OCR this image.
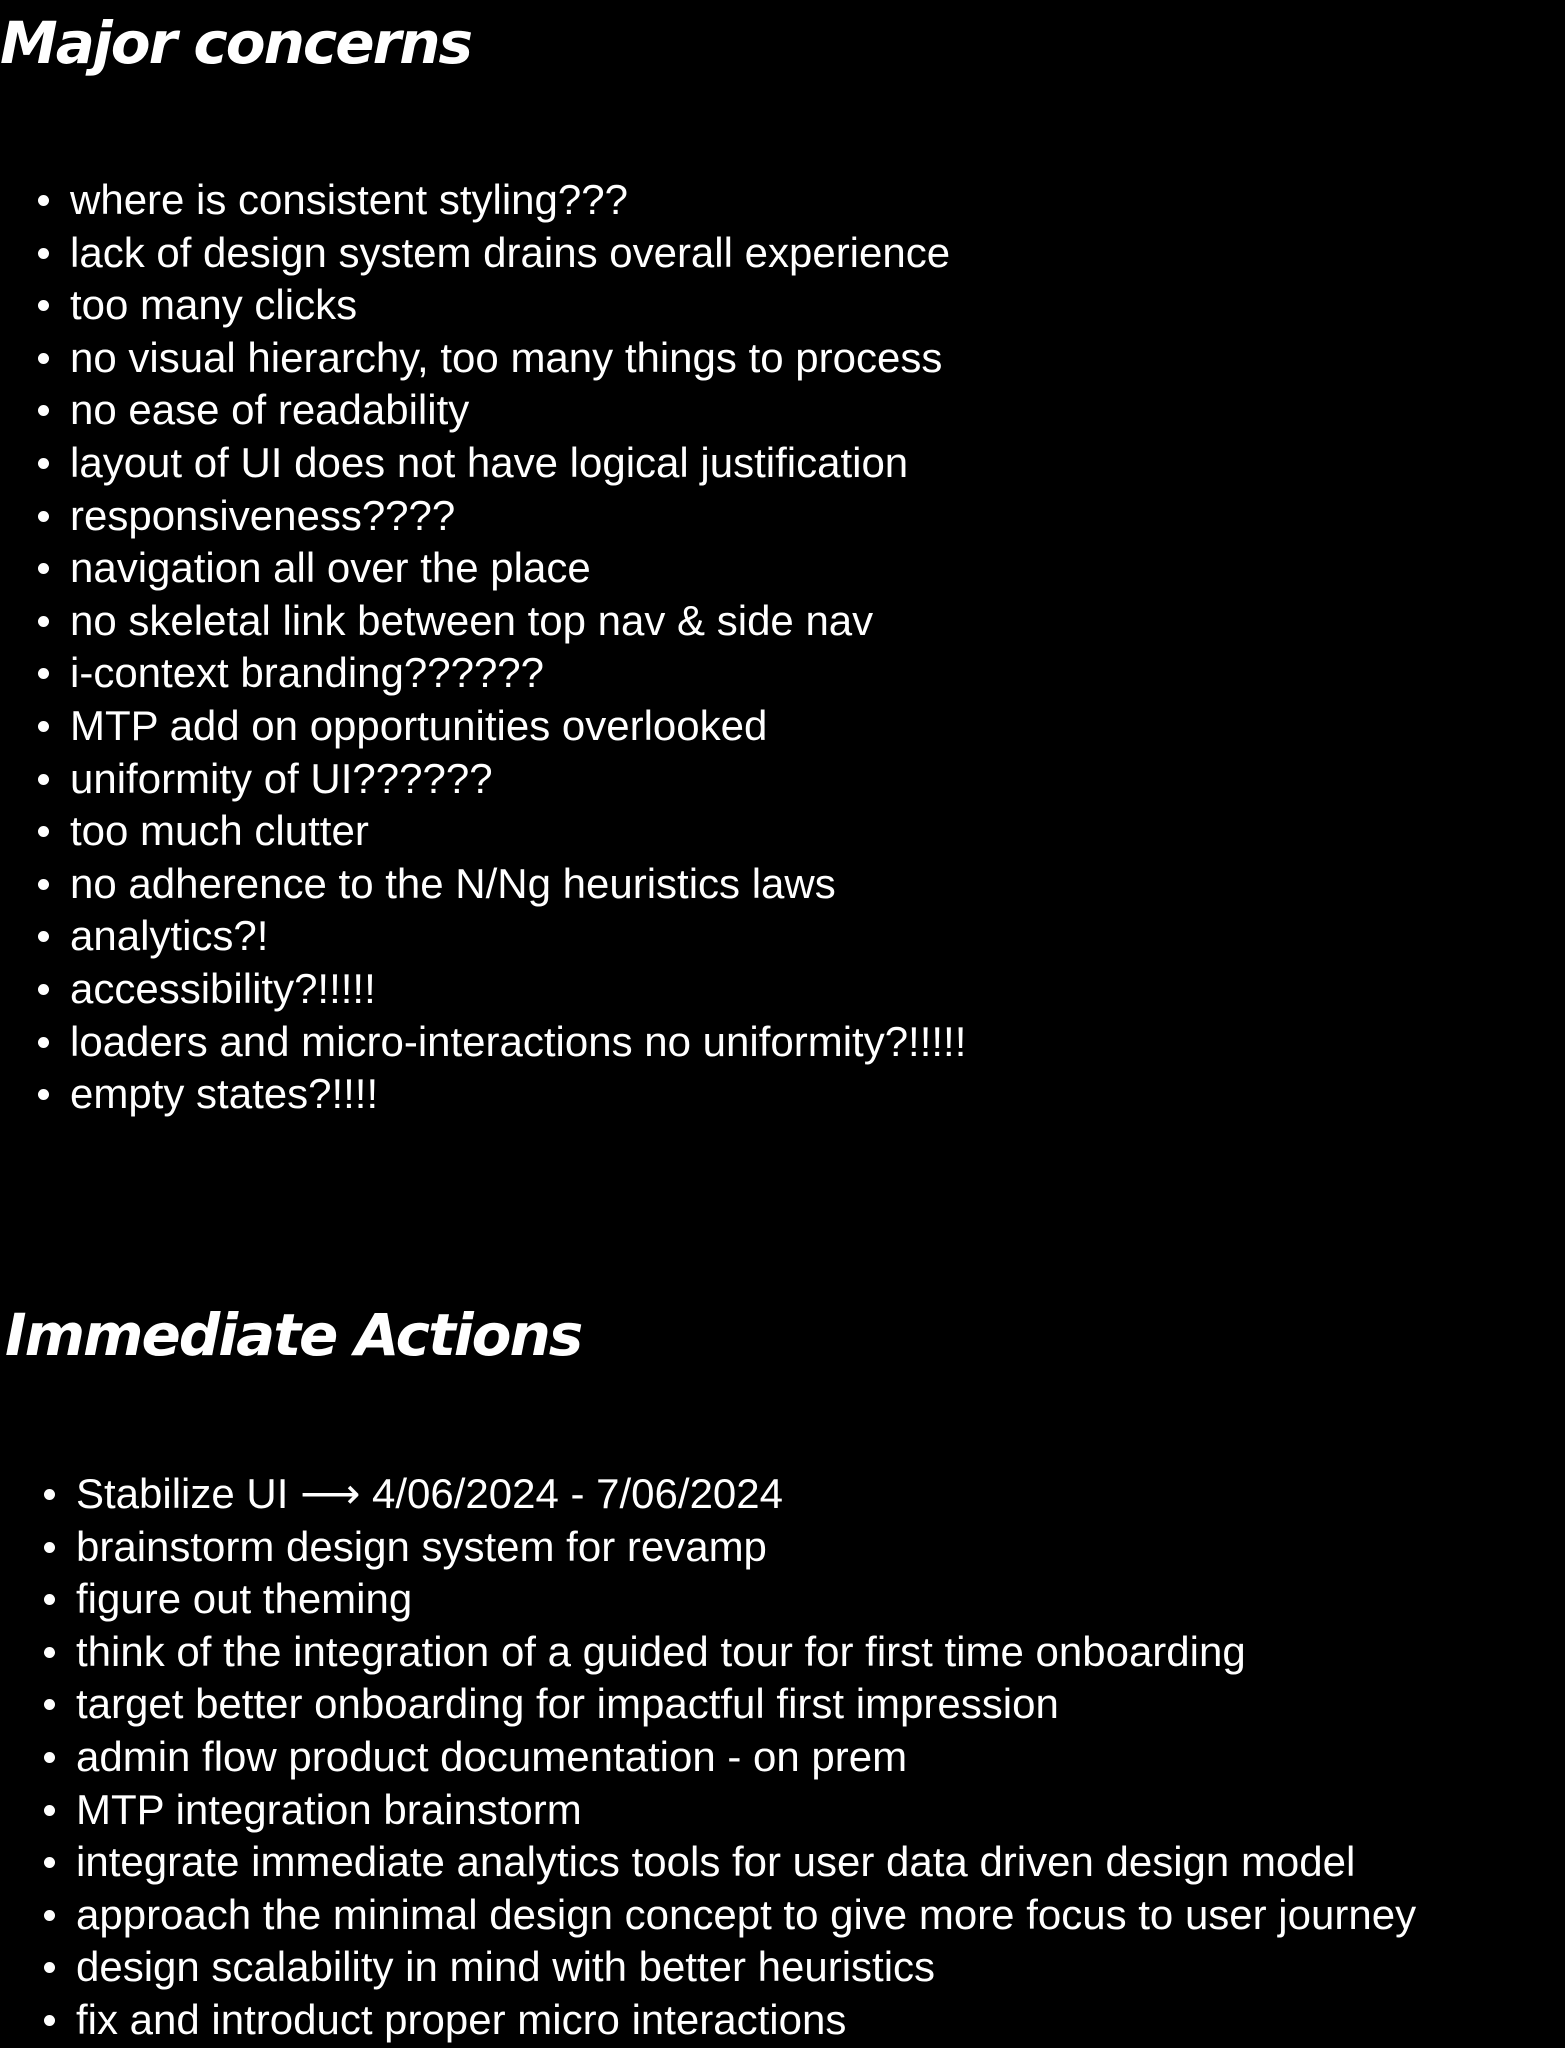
Major concerns
where is consistent styling???
lack of design system drains overall experience
too many clicks
no visual hierarchy, too many things to process
no ease of readability
layout of UI does not have logical justification
responsiveness????
navigation all over the place
no skeletal link between top nav & side nav
i-context branding??????
MTP add on opportunities overlooked
uniformity of UI??????
too much clutter
no adherence to the N/Ng heuristics laws
analytics?!
accessibility?!!!!!
loaders and micro-interactions no uniformity?!!!!!
empty states?!!!!
Immediate Actions
Stabilize UI ⟶ 4/06/2024 - 7/06/2024
brainstorm design system for revamp
figure out theming
think of the integration of a guided tour for first time onboarding
target better onboarding for impactful first impression
admin flow product documentation - on prem
MTP integration brainstorm
integrate immediate analytics tools for user data driven design model
approach the minimal design concept to give more focus to user journey
design scalability in mind with better heuristics
fix and introduct proper micro interactions
